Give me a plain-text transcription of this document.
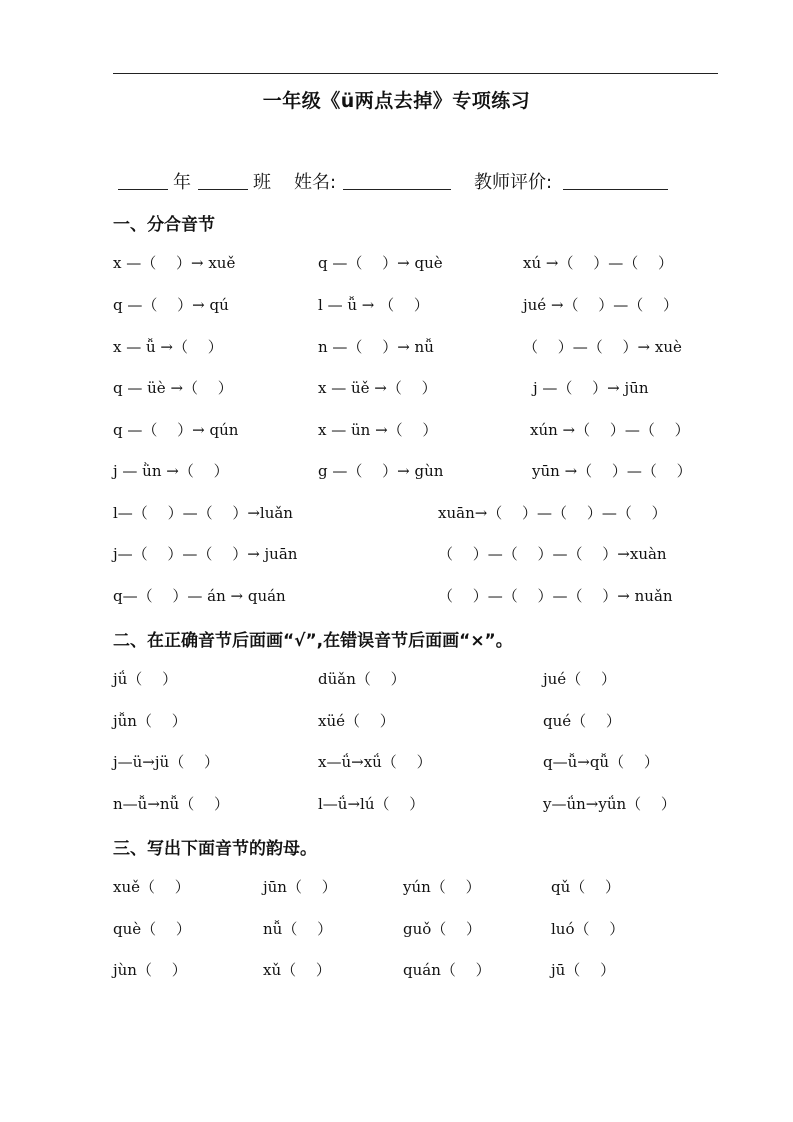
一年级《ü两点去掉》专项练习
年	班 姓名:	教师评价:
一、分合音节
x —（　 ）→ xuě	q —（　 ）→ què	xú →（　 ）—（　 ）
q —（　 ）→ qú	l — ǚ → （　 ）	jué →（　 ）—（　 ）
x — ǚ →（　 ）	n —（　 ）→ nǚ	（　 ）—（　 ）→ xuè
q — üè →（　 ）	x — üě →（　 ）	j —（　 ）→ jūn
q —（　 ）→ qún	x — ün →（　 ）	xún →（　 ）—（　 ）
j — ǜn →（　 ）	g —（　 ）→ gùn	yūn →（　 ）—（　 ）
l—（　 ）—（　 ）→luǎn	xuān→（　 ）—（　 ）—（　 ）
j—（　 ）—（　 ）→ juān	（　 ）—（　 ）—（　 ）→xuàn
q—（　 ）— án → quán	（　 ）—（　 ）—（　 ）→ nuǎn
二、在正确音节后面画“√”,在错误音节后面画“×”。
jǘ（　 ）	düǎn（　 ）	jué（　 ）
jǚn（　 ）	xüé（　 ）	qué（　 ）
j—ü→jü（　 ）	x—ǘ→xǘ（　 ）	q—ǚ→qǚ（　 ）
n—ǚ→nǚ（　 ）	l—ǘ→lú（　 ）	y—ǘn→yǘn（　 ）
三、写出下面音节的韵母。
xuě（　 ）	jūn（　 ）	yún（　 ）	qǔ（　 ）
què（　 ）	nǚ（　 ）	guǒ（　 ）	luó（　 ）
jùn（　 ）	xǔ（　 ）	quán（　 ）	jū（　 ）
